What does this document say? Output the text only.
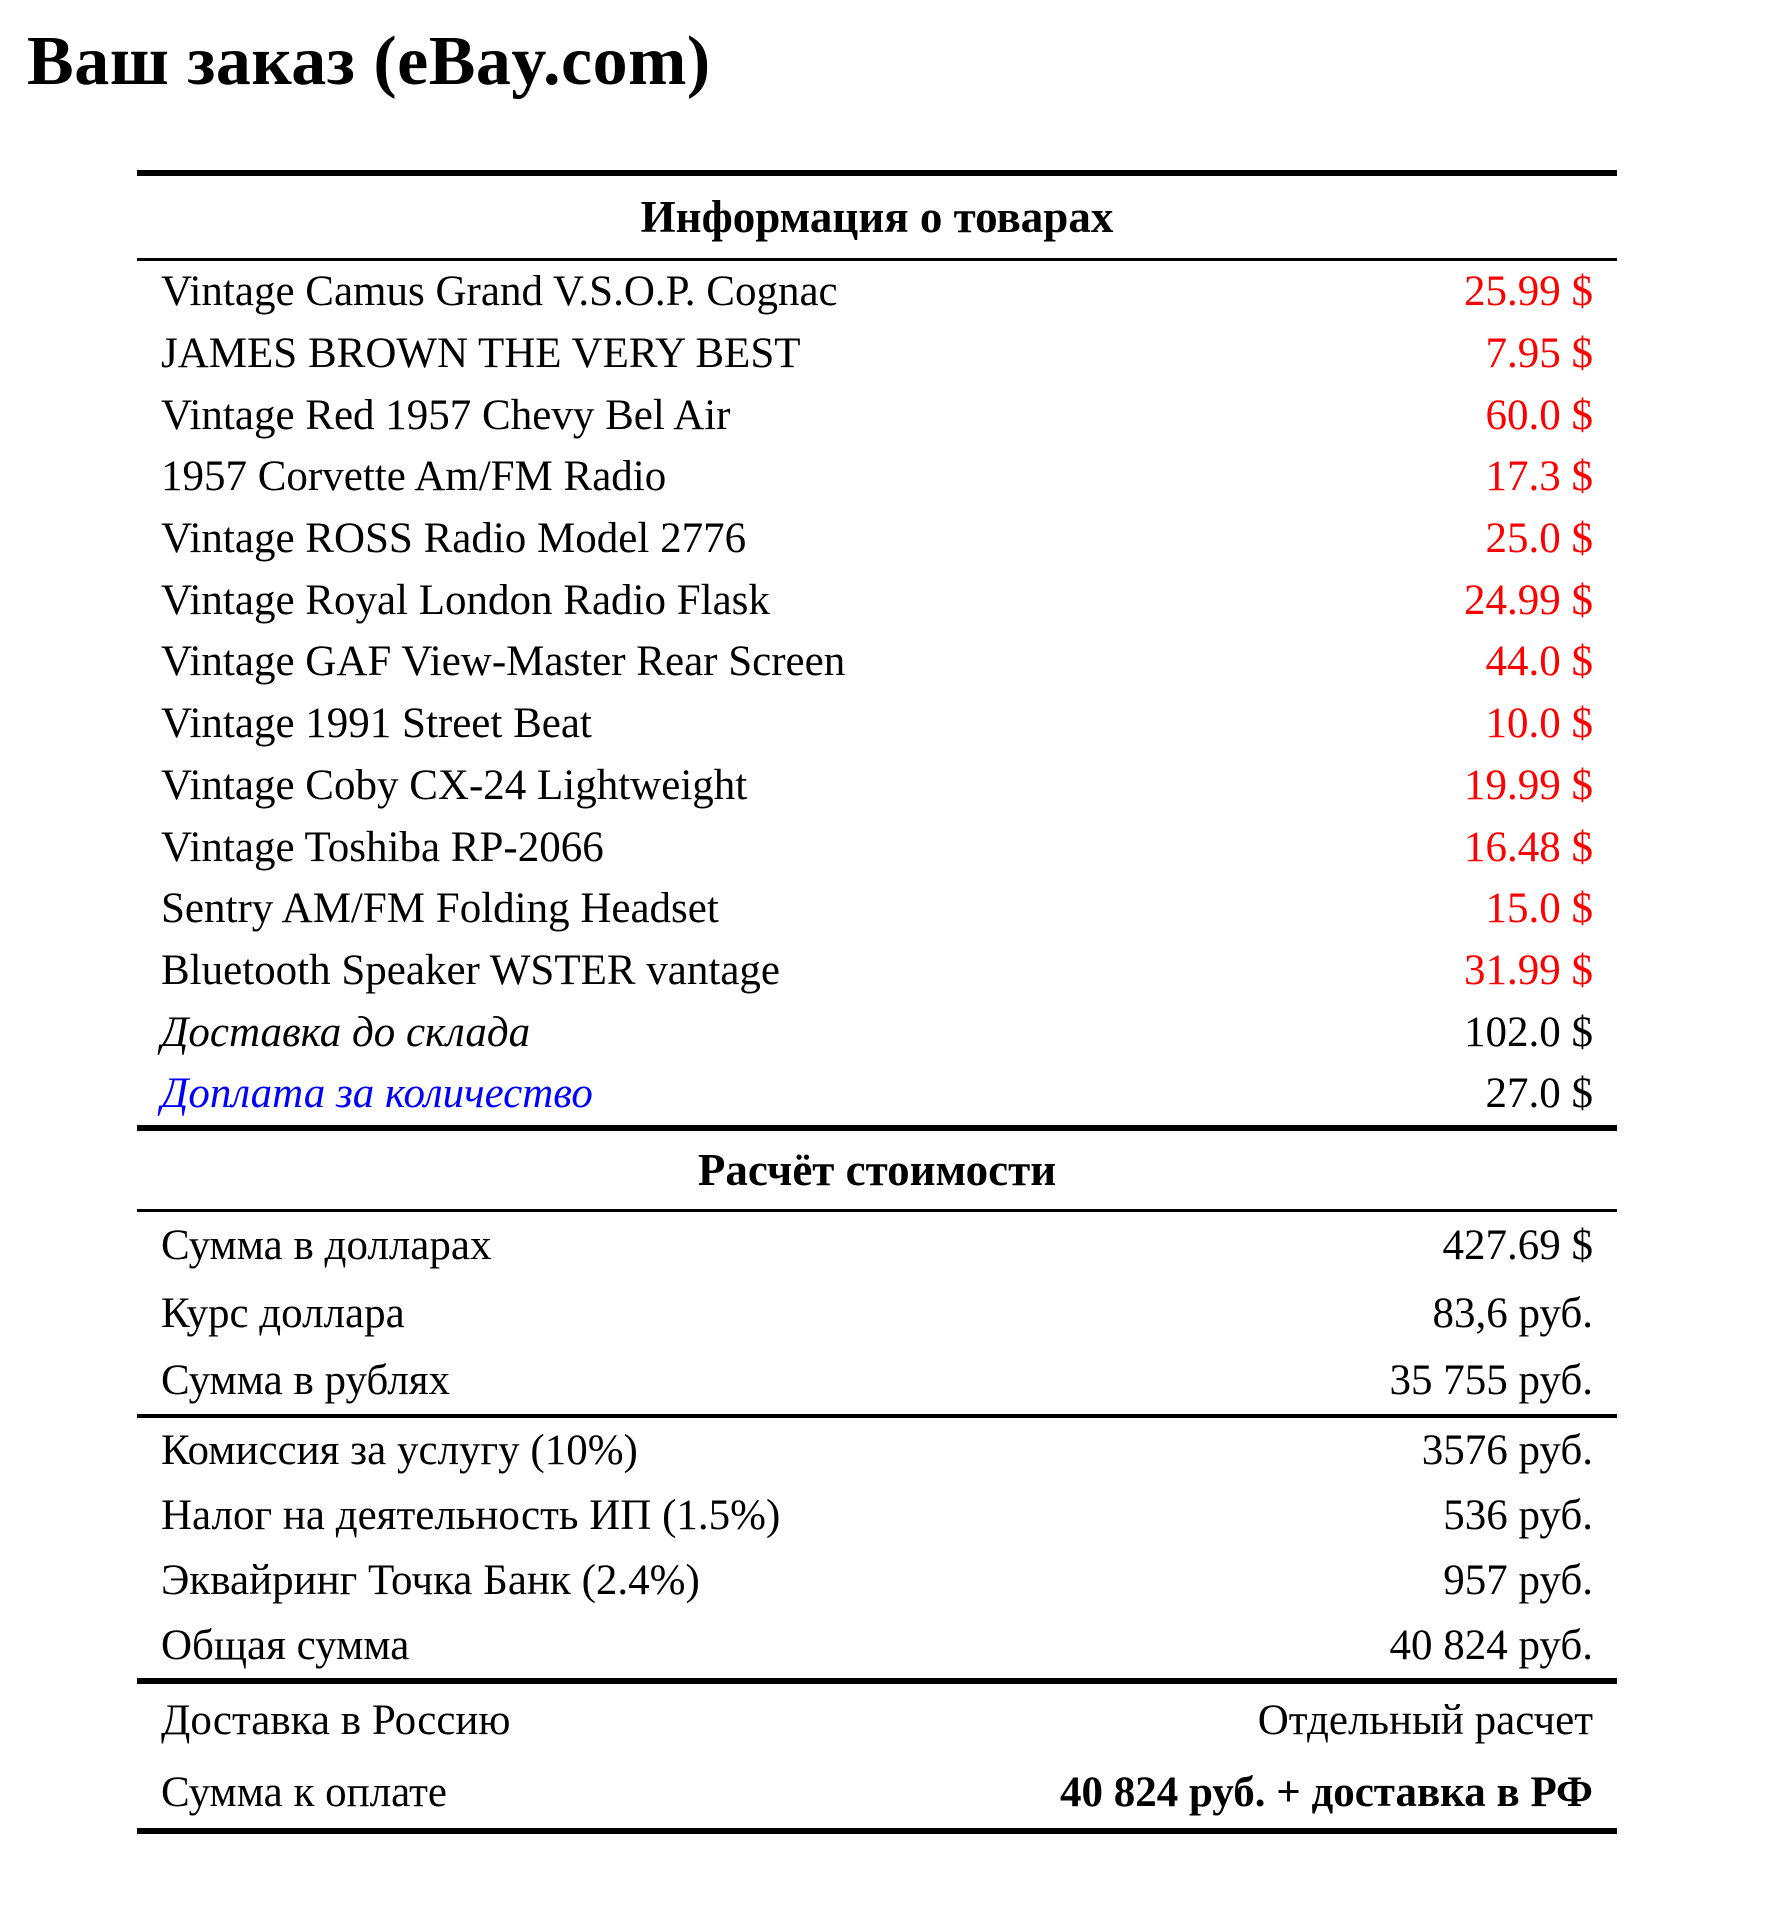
Ваш заказ (eBay.com)
Информация о товарах
Vintage Camus Grand V.S.O.P. Cognac	25.99 $
JAMES BROWN THE VERY BEST	7.95 $
Vintage Red 1957 Chevy Bel Air	60.0 $
1957 Corvette Am/FM Radio	17.3 $
Vintage ROSS Radio Model 2776	25.0 $
Vintage Royal London Radio Flask	24.99 $
Vintage GAF View-Master Rear Screen	44.0 $
Vintage 1991 Street Beat	10.0 $
Vintage Coby CX-24 Lightweight	19.99 $
Vintage Toshiba RP-2066	16.48 $
Sentry AM/FM Folding Headset	15.0 $
Bluetooth Speaker WSTER vantage	31.99 $
Доставка до склада	102.0 $
Доплата за количество	27.0 $
Расчёт стоимости
Сумма в долларах	427.69 $
Курс доллара	83,6 руб.
Сумма в рублях	35 755 руб.
Комиссия за услугу (10%)	3576 руб.
Налог на деятельность ИП (1.5%)	536 руб.
Эквайринг Точка Банк (2.4%)	957 руб.
Общая сумма	40 824 руб.
Доставка в Россию	Отдельный расчет
Сумма к оплате	40 824 руб. + доставка в РФ
